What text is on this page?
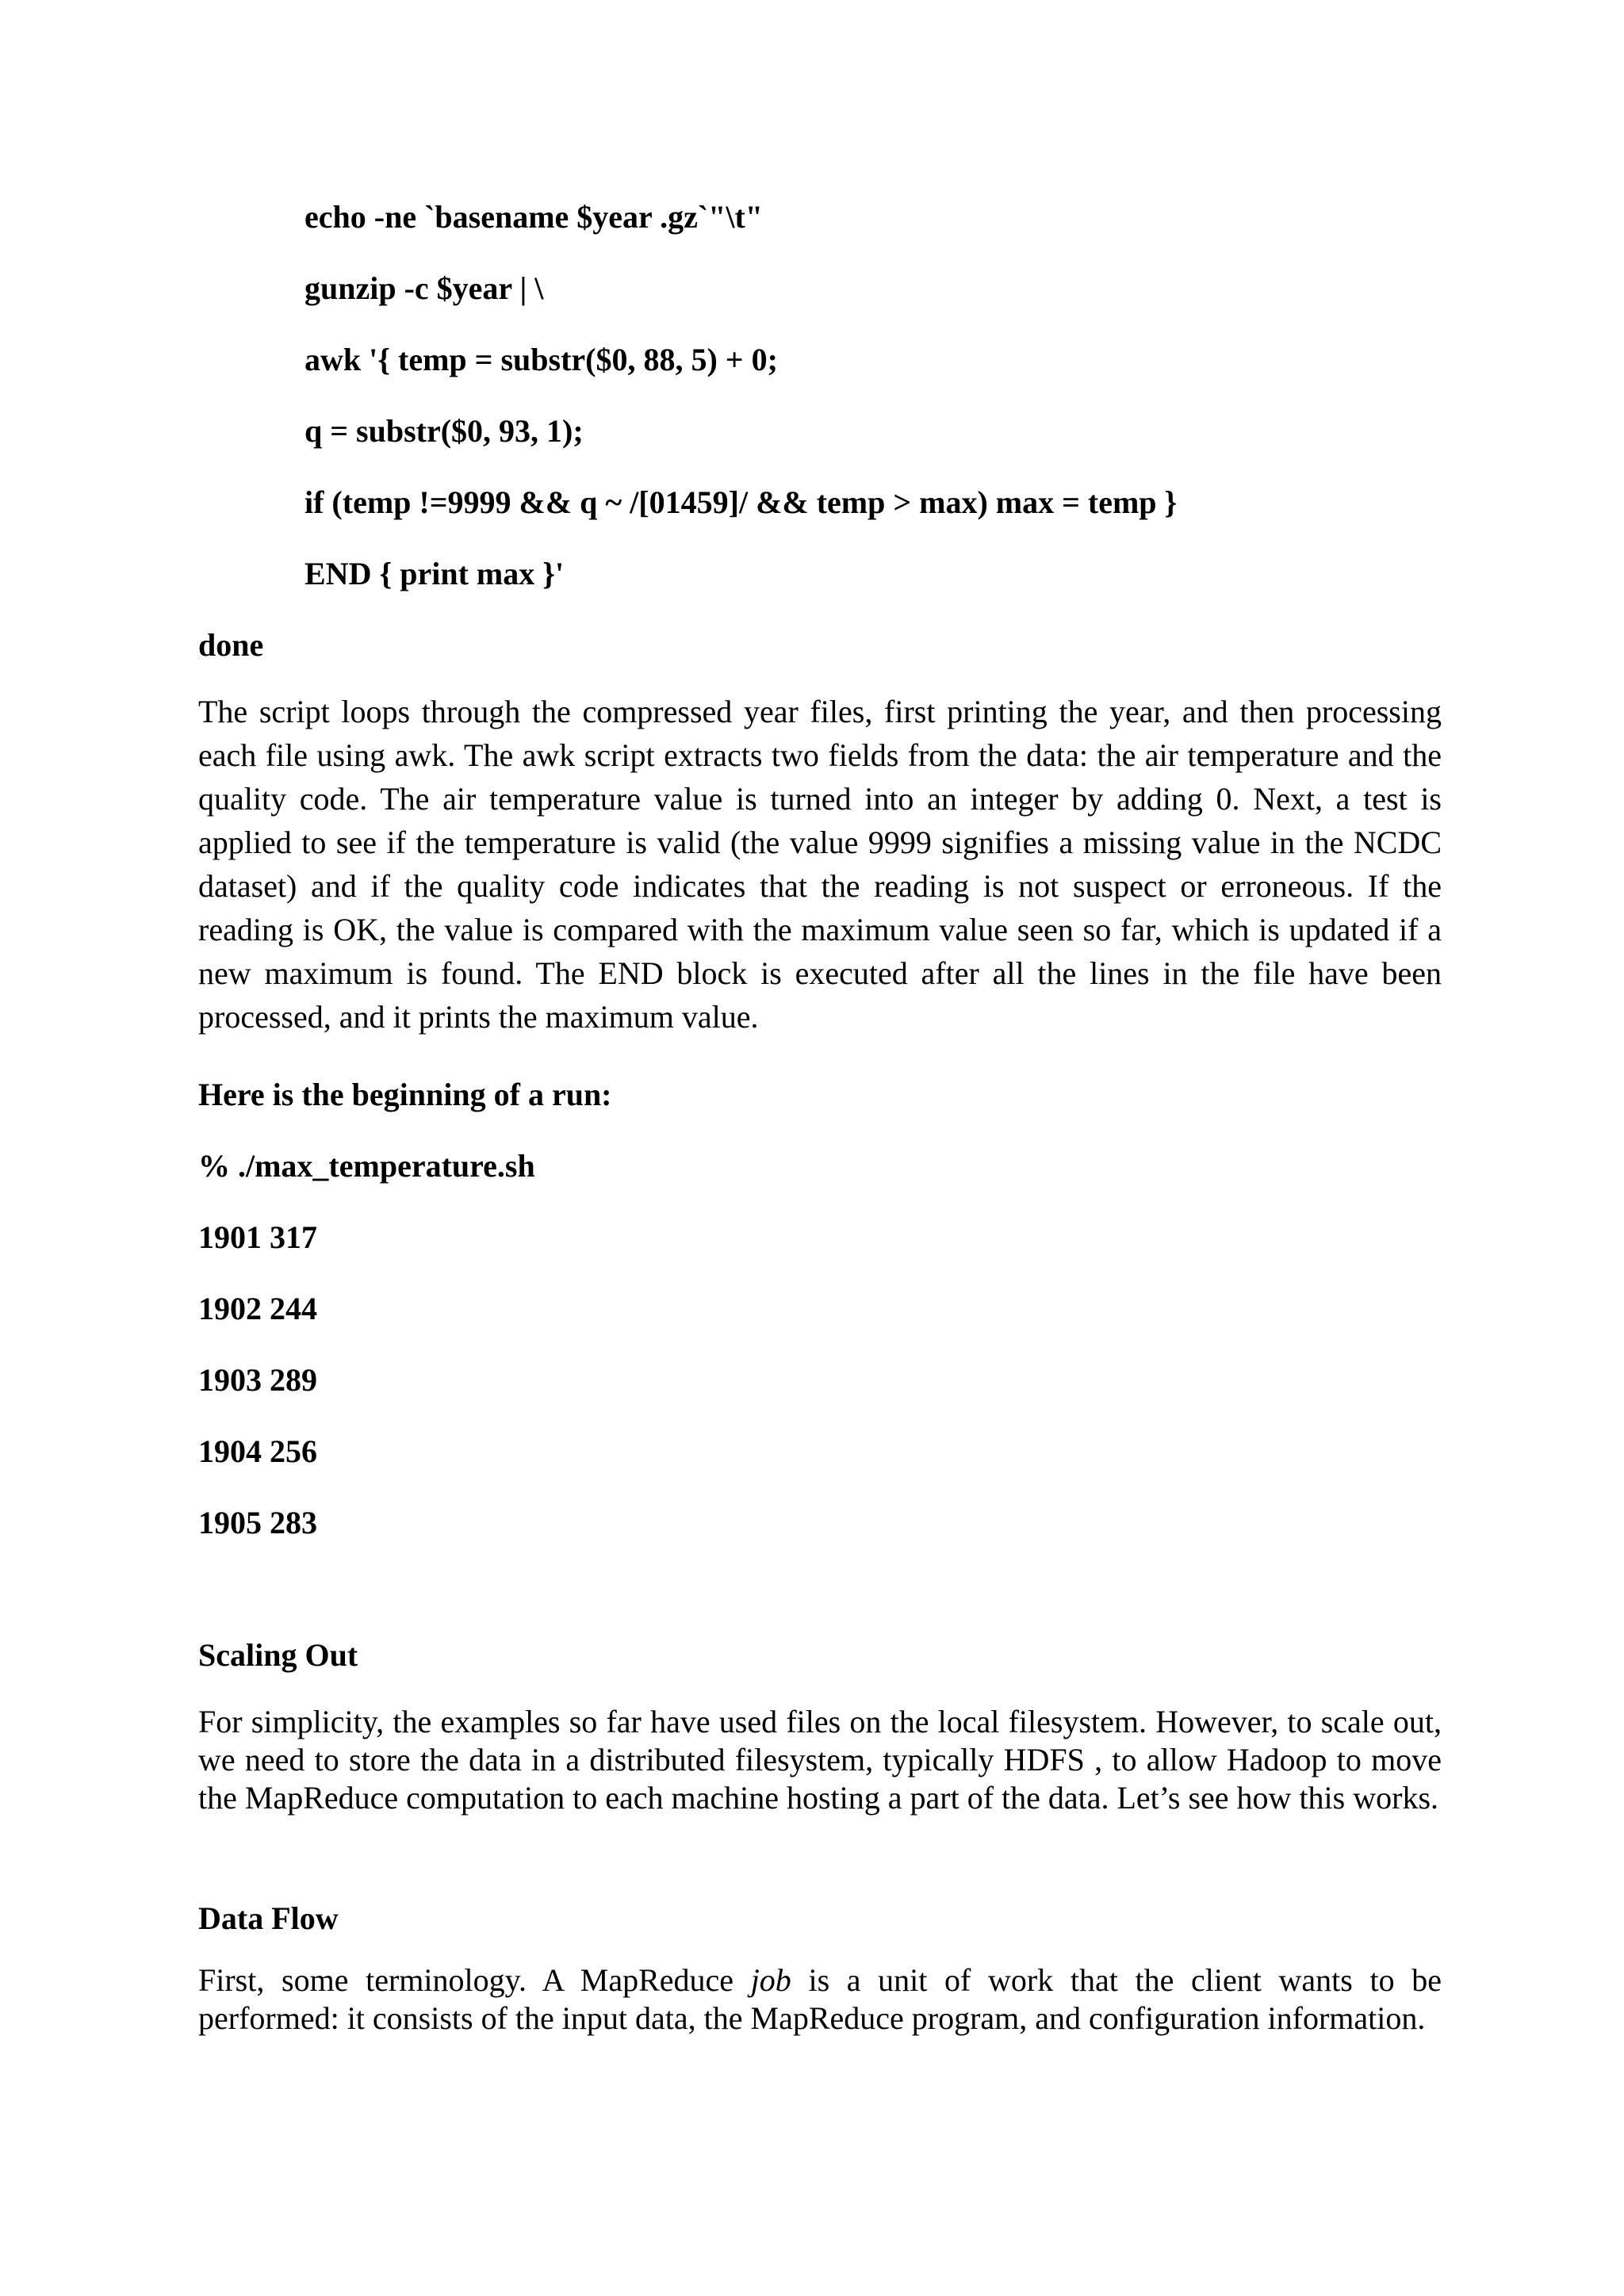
echo -ne `basename $year .gz`"\t"
gunzip -c $year | \
awk '{ temp = substr($0, 88, 5) + 0;
q = substr($0, 93, 1);
if (temp !=9999 && q ~ /[01459]/ && temp > max) max = temp }
END { print max }'
done

The script loops through the compressed year files, first printing the year, and then processing each file using awk. The awk script extracts two fields from the data: the air temperature and the quality code. The air temperature value is turned into an integer by adding 0. Next, a test is applied to see if the temperature is valid (the value 9999 signifies a missing value in the NCDC dataset) and if the quality code indicates that the reading is not suspect or erroneous. If the reading is OK, the value is compared with the maximum value seen so far, which is updated if a new maximum is found. The END block is executed after all the lines in the file have been processed, and it prints the maximum value.

Here is the beginning of a run:
% ./max_temperature.sh
1901 317
1902 244
1903 289
1904 256
1905 283
Scaling Out

For simplicity, the examples so far have used files on the local filesystem. However, to scale out, we need to store the data in a distributed filesystem, typically HDFS , to allow Hadoop to move the MapReduce computation to each machine hosting a part of the data. Let’s see how this works.

Data Flow

First, some terminology. A MapReduce job is a unit of work that the client wants to be performed: it consists of the input data, the MapReduce program, and configuration information.
